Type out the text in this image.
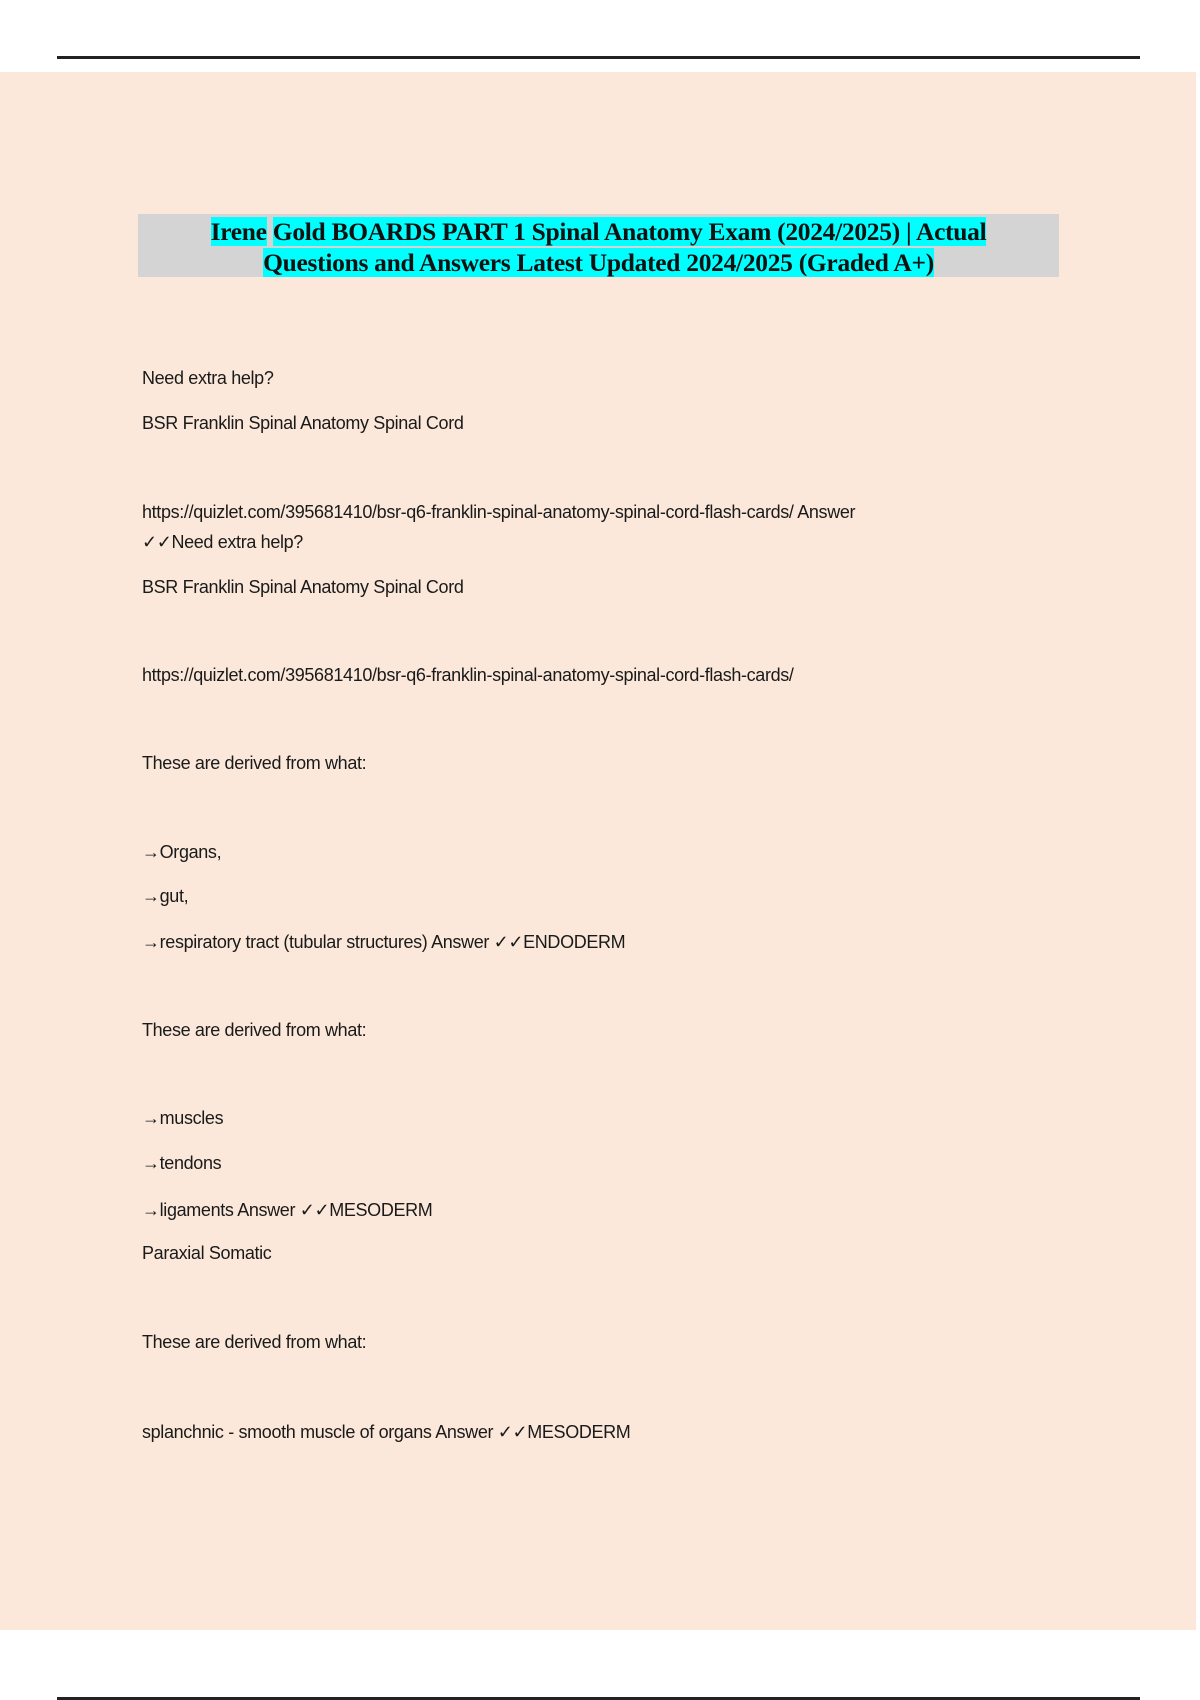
Irene Gold BOARDS PART 1 Spinal Anatomy Exam (2024/2025) | Actual
Questions and Answers Latest Updated 2024/2025 (Graded A+)
Need extra help?
BSR Franklin Spinal Anatomy Spinal Cord
https://quizlet.com/395681410/bsr-q6-franklin-spinal-anatomy-spinal-cord-flash-cards/ Answer
✓✓Need extra help?
BSR Franklin Spinal Anatomy Spinal Cord
https://quizlet.com/395681410/bsr-q6-franklin-spinal-anatomy-spinal-cord-flash-cards/
These are derived from what:
→Organs,
→gut,
→respiratory tract (tubular structures) Answer ✓✓ENDODERM
These are derived from what:
→muscles
→tendons
→ligaments Answer ✓✓MESODERM
Paraxial Somatic
These are derived from what:
splanchnic - smooth muscle of organs Answer ✓✓MESODERM
